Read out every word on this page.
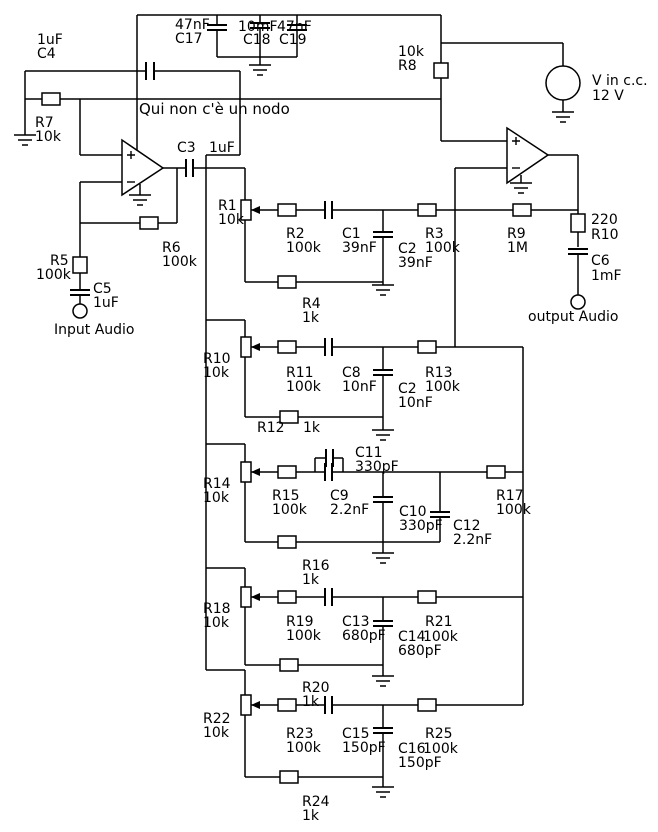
47nF
C17
10mF
C18
47nF
C19
1uF
C4
R7
10k
Qui non c'è un nodo
10k
R8
V in c.c.
12 V
C3 1uF
R6
100k
R5
100k
C5
1uF
Input Audio
R1
10k
R2
100k
C1
39nF C2
39nF
R3
100k
R9
1M
R4
1k
220
R10
C6
1mF
output Audio
R10
10k	R11
100k
C8
10nF C2
10nF
R13
100k
R12 1k
R14
10k
C11
330pF
R15
100k
C9
2.2nF C10
330pF C12
2.2nF
R17
100k
R16
1k
R18
10k	R19
100k
C13
680pF C14
680pF
R21
100k
R20
1k
R22
10k	R23
100k
C15
150pF C16
150pF
R25
100k
R24
1k
